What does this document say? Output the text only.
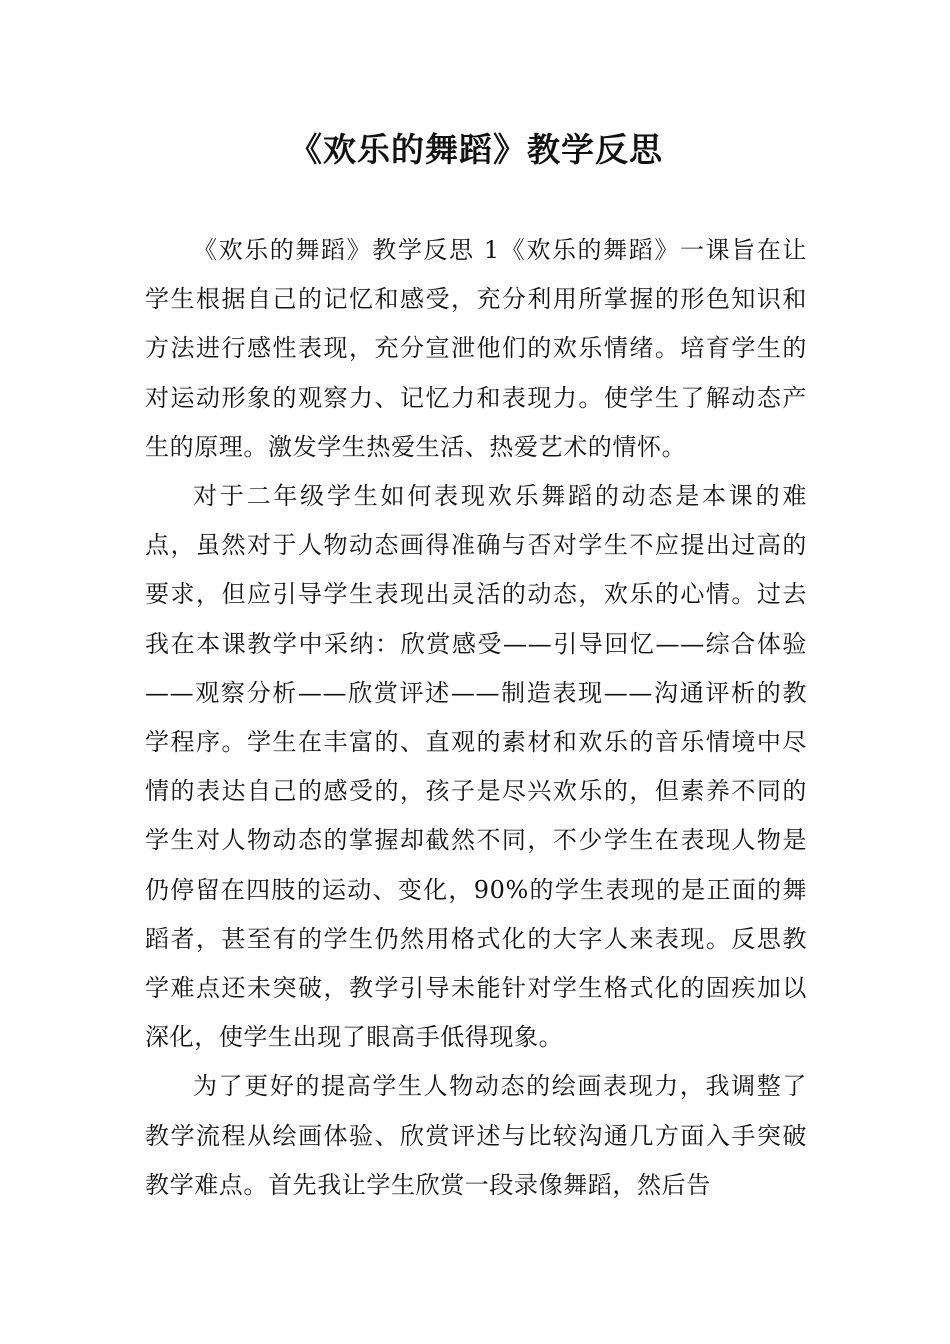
《欢乐的舞蹈》教学反思

《欢乐的舞蹈》教学反思 1《欢乐的舞蹈》一课旨在让学生根据自己的记忆和感受，充分利用所掌握的形色知识和方法进行感性表现，充分宣泄他们的欢乐情绪。培育学生的对运动形象的观察力、记忆力和表现力。使学生了解动态产生的原理。激发学生热爱生活、热爱艺术的情怀。

对于二年级学生如何表现欢乐舞蹈的动态是本课的难点，虽然对于人物动态画得准确与否对学生不应提出过高的要求，但应引导学生表现出灵活的动态，欢乐的心情。过去我在本课教学中采纳：欣赏感受——引导回忆——综合体验——观察分析——欣赏评述——制造表现——沟通评析的教学程序。学生在丰富的、直观的素材和欢乐的音乐情境中尽情的表达自己的感受的，孩子是尽兴欢乐的，但素养不同的学生对人物动态的掌握却截然不同，不少学生在表现人物是仍停留在四肢的运动、变化，90%的学生表现的是正面的舞蹈者，甚至有的学生仍然用格式化的大字人来表现。反思教学难点还未突破，教学引导未能针对学生格式化的固疾加以深化，使学生出现了眼高手低得现象。

为了更好的提高学生人物动态的绘画表现力，我调整了教学流程从绘画体验、欣赏评述与比较沟通几方面入手突破教学难点。首先我让学生欣赏一段录像舞蹈，然后告
